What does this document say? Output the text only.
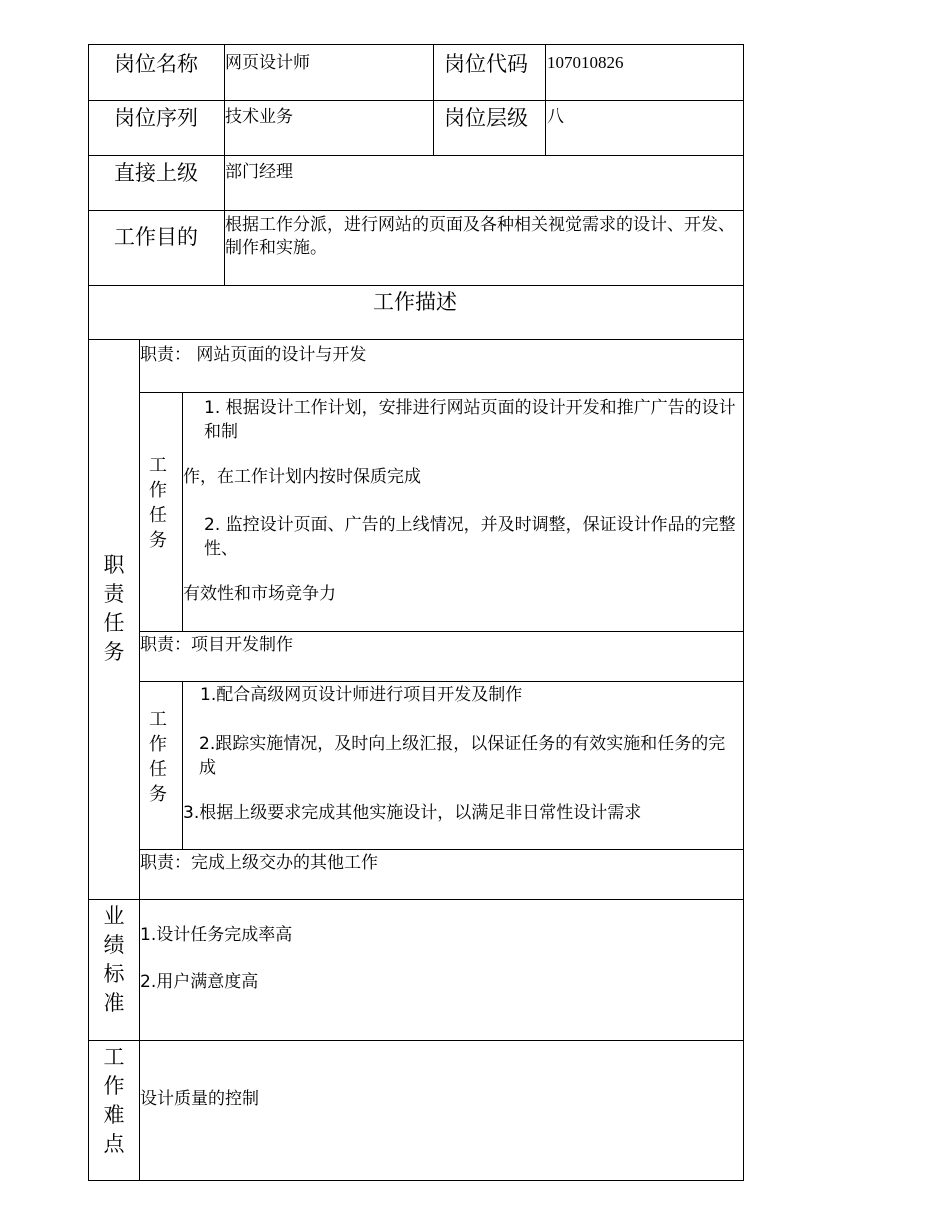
岗位名称 网页设计师	岗位代码 107010826
岗位序列 技术业务	岗位层级 八
直接上级 部门经理
工作目的 根据工作分派，进行网站的页面及各种相关视觉需求的设计、开发、制作和实施。
工作描述
职
责
任
务
职责： 网站页面的设计与开发
工
作
任
务
1. 根据设计工作计划，安排进行网站页面的设计开发和推广广告的设计和制
作，在工作计划内按时保质完成
2. 监控设计页面、广告的上线情况，并及时调整，保证设计作品的完整性、
有效性和市场竞争力
职责：项目开发制作
工
作
任
务
1.配合高级网页设计师进行项目开发及制作
2.跟踪实施情况，及时向上级汇报，以保证任务的有效实施和任务的完成
3.根据上级要求完成其他实施设计，以满足非日常性设计需求
职责：完成上级交办的其他工作
业
绩
标
准
1.设计任务完成率高
2.用户满意度高
工
作
难
点
设计质量的控制
